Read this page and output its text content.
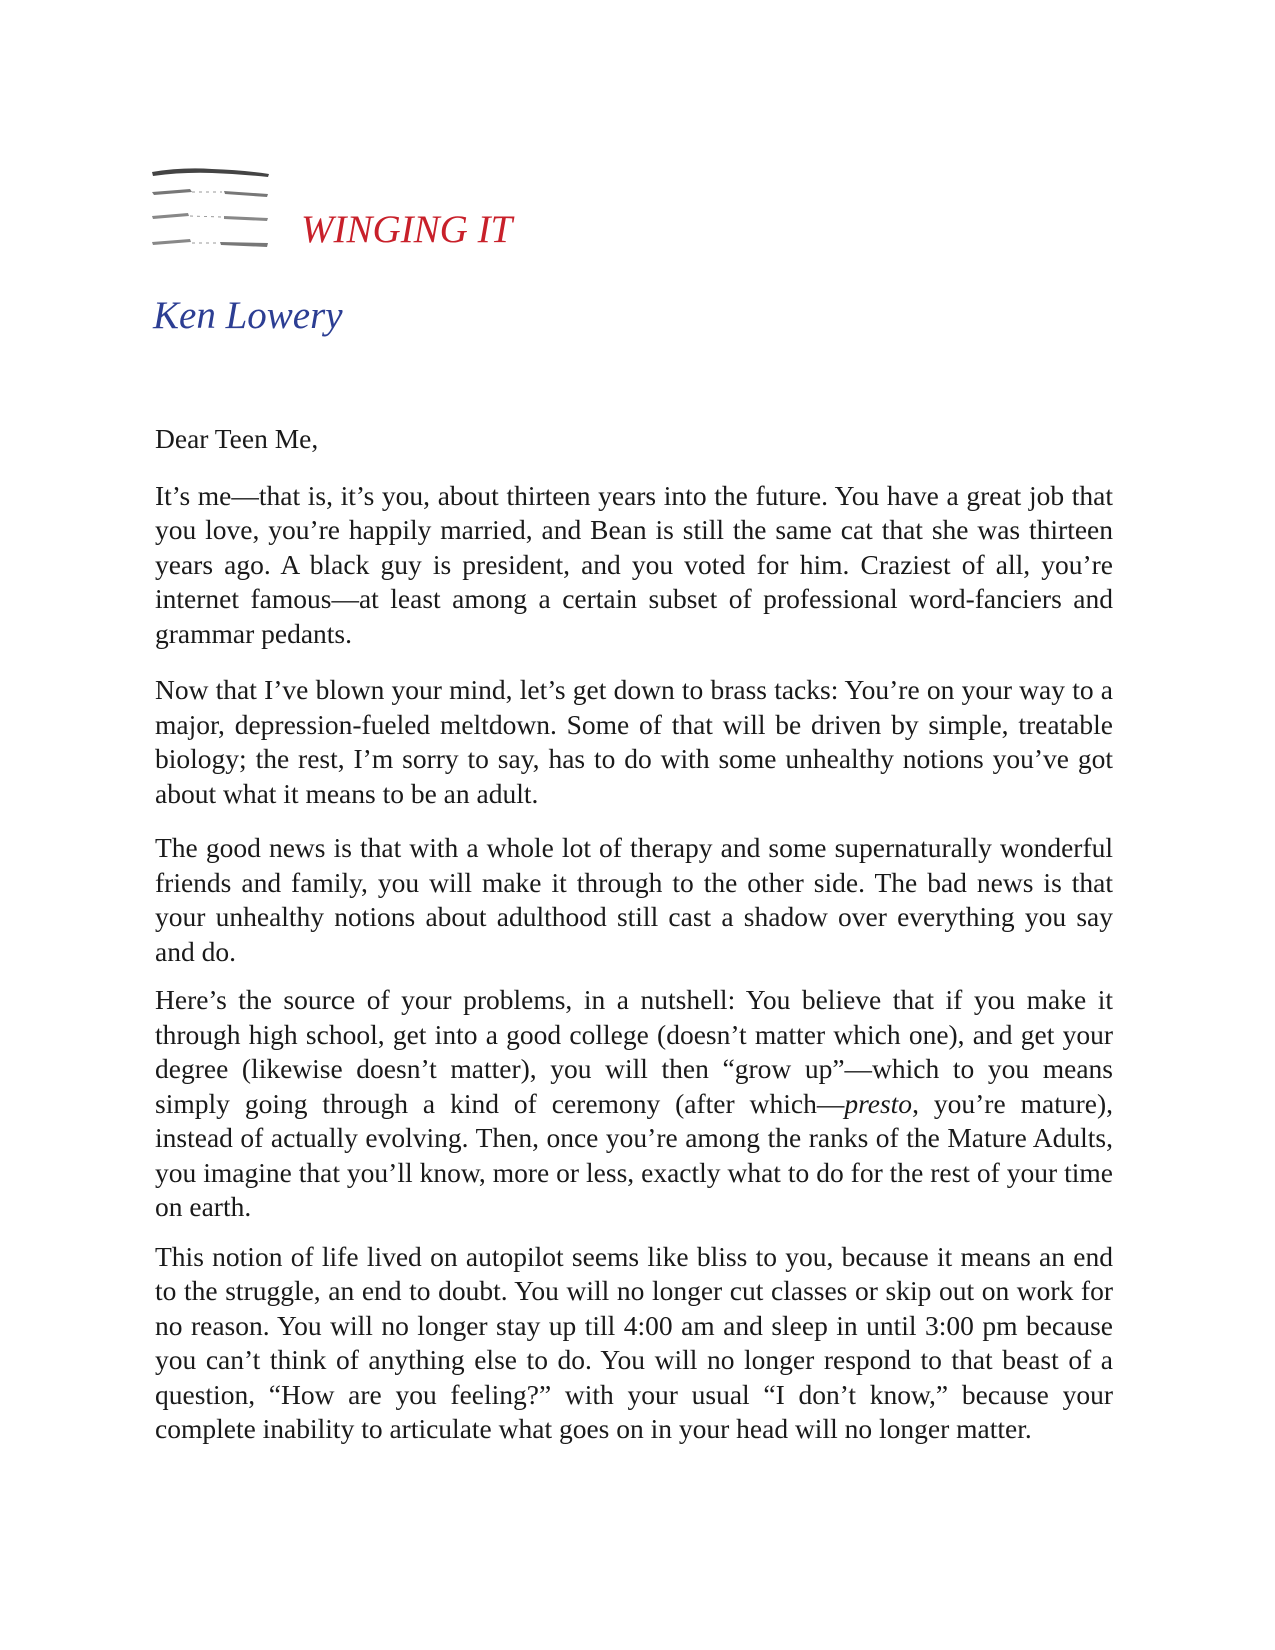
WINGING IT
Ken Lowery

Dear Teen Me,

It’s me—that is, it’s you, about thirteen years into the future. You have a great job that you love, you’re happily married, and Bean is still the same cat that she was thirteen years ago. A black guy is president, and you voted for him. Craziest of all, you’re internet famous—at least among a certain subset of professional word-fanciers and grammar pedants.

Now that I’ve blown your mind, let’s get down to brass tacks: You’re on your way to a major, depression-fueled meltdown. Some of that will be driven by simple, treatable biology; the rest, I’m sorry to say, has to do with some unhealthy notions you’ve got about what it means to be an adult.

The good news is that with a whole lot of therapy and some supernaturally wonderful friends and family, you will make it through to the other side. The bad news is that your unhealthy notions about adulthood still cast a shadow over everything you say and do.

Here’s the source of your problems, in a nutshell: You believe that if you make it through high school, get into a good college (doesn’t matter which one), and get your degree (likewise doesn’t matter), you will then “grow up”—which to you means simply going through a kind of ceremony (after which—presto, you’re mature), instead of actually evolving. Then, once you’re among the ranks of the Mature Adults, you imagine that you’ll know, more or less, exactly what to do for the rest of your time on earth.

This notion of life lived on autopilot seems like bliss to you, because it means an end to the struggle, an end to doubt. You will no longer cut classes or skip out on work for no reason. You will no longer stay up till 4:00 am and sleep in until 3:00 pm because you can’t think of anything else to do. You will no longer respond to that beast of a question, “How are you feeling?” with your usual “I don’t know,” because your complete inability to articulate what goes on in your head will no longer matter.
